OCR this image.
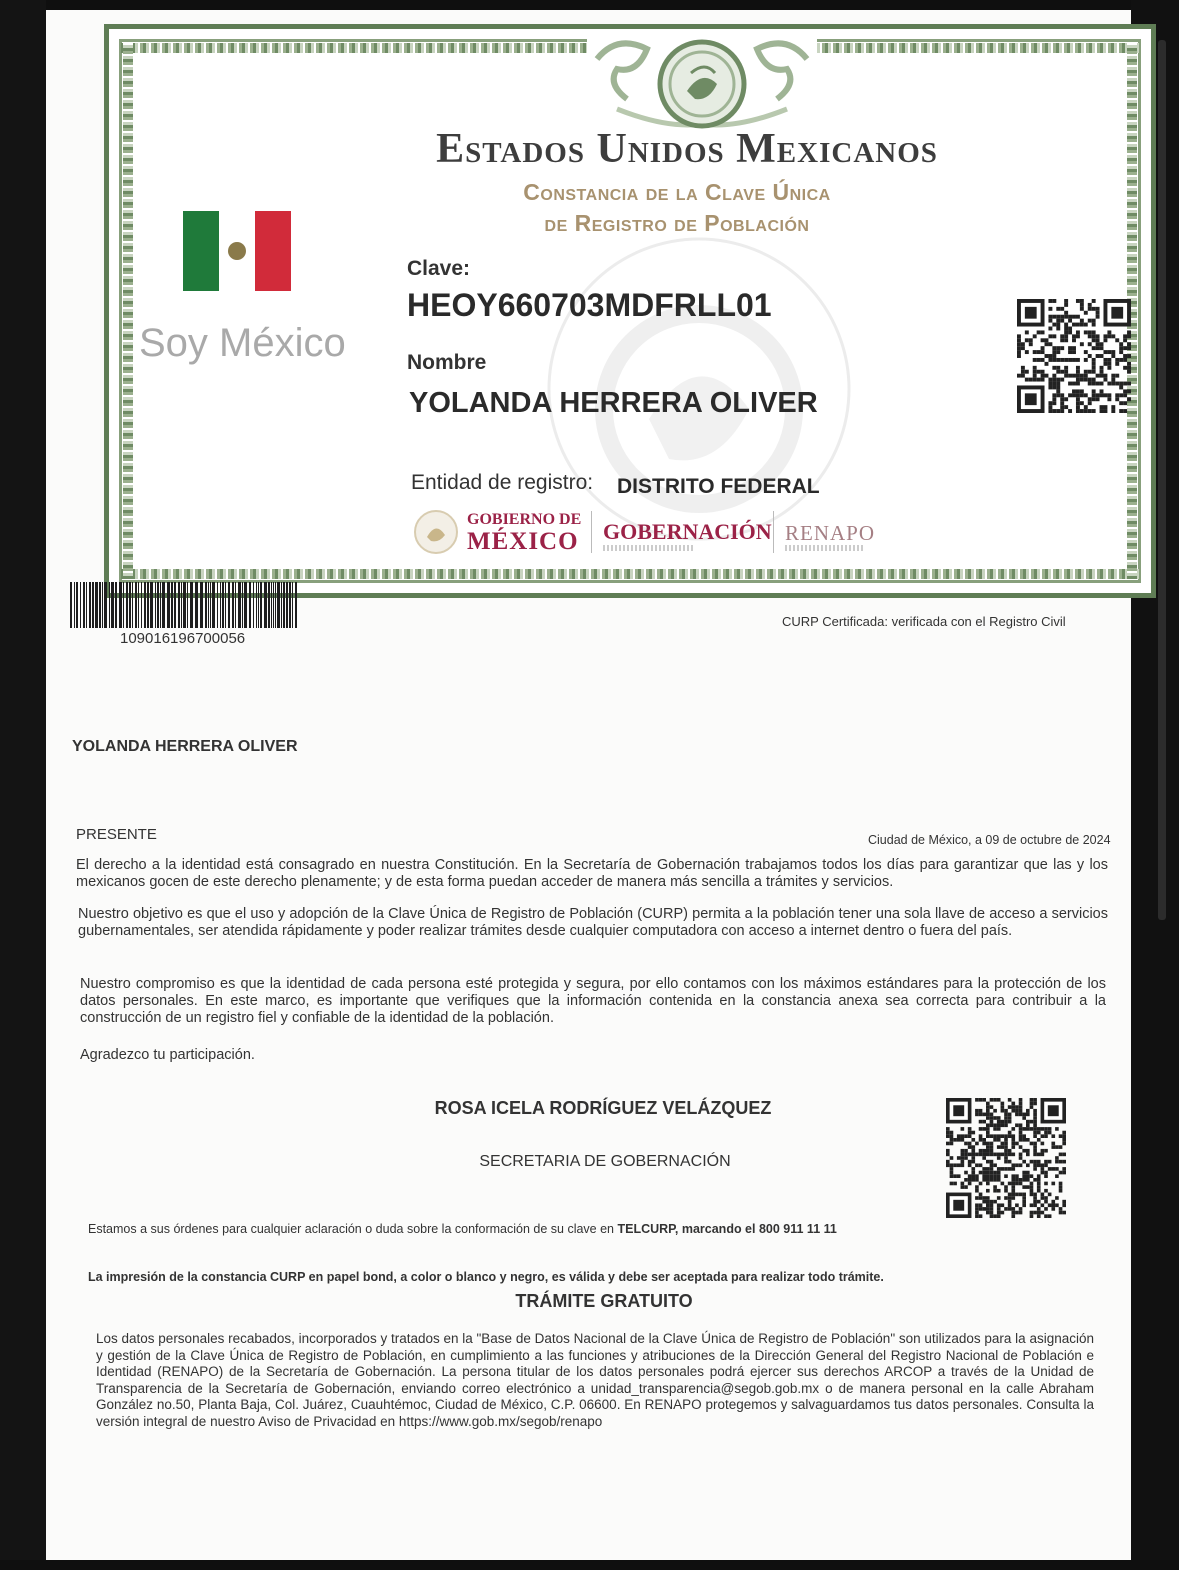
Estados Unidos Mexicanos
Constancia de la Clave Única
de Registro de Población
Soy México
Clave:
HEOY660703MDFRLL01
Nombre
YOLANDA HERRERA OLIVER
Entidad de registro: DISTRITO FEDERAL
GOBIERNO DE
MÉXICO GOBERNACIÓN RENAPO
109016196700056
CURP Certificada: verificada con el Registro Civil
YOLANDA HERRERA OLIVER
PRESENTE	Ciudad de México, a 09 de octubre de 2024
El derecho a la identidad está consagrado en nuestra Constitución. En la Secretaría de Gobernación trabajamos todos los días para garantizar que las y los mexicanos gocen de este derecho plenamente; y de esta forma puedan acceder de manera más sencilla a trámites y servicios.
Nuestro objetivo es que el uso y adopción de la Clave Única de Registro de Población (CURP) permita a la población tener una sola llave de acceso a servicios gubernamentales, ser atendida rápidamente y poder realizar trámites desde cualquier computadora con acceso a internet dentro o fuera del país.
Nuestro compromiso es que la identidad de cada persona esté protegida y segura, por ello contamos con los máximos estándares para la protección de los datos personales. En este marco, es importante que verifiques que la información contenida en la constancia anexa sea correcta para contribuir a la construcción de un registro fiel y confiable de la identidad de la población.
Agradezco tu participación.
ROSA ICELA RODRÍGUEZ VELÁZQUEZ
SECRETARIA DE GOBERNACIÓN
Estamos a sus órdenes para cualquier aclaración o duda sobre la conformación de su clave en TELCURP, marcando el 800 911 11 11
La impresión de la constancia CURP en papel bond, a color o blanco y negro, es válida y debe ser aceptada para realizar todo trámite.
TRÁMITE GRATUITO
Los datos personales recabados, incorporados y tratados en la "Base de Datos Nacional de la Clave Única de Registro de Población" son utilizados para la asignación y gestión de la Clave Única de Registro de Población, en cumplimiento a las funciones y atribuciones de la Dirección General del Registro Nacional de Población e Identidad (RENAPO) de la Secretaría de Gobernación. La persona titular de los datos personales podrá ejercer sus derechos ARCOP a través de la Unidad de Transparencia de la Secretaría de Gobernación, enviando correo electrónico a unidad_transparencia@segob.gob.mx o de manera personal en la calle Abraham González no.50, Planta Baja, Col. Juárez, Cuauhtémoc, Ciudad de México, C.P. 06600. En RENAPO protegemos y salvaguardamos tus datos personales. Consulta la versión integral de nuestro Aviso de Privacidad en https://www.gob.mx/segob/renapo
